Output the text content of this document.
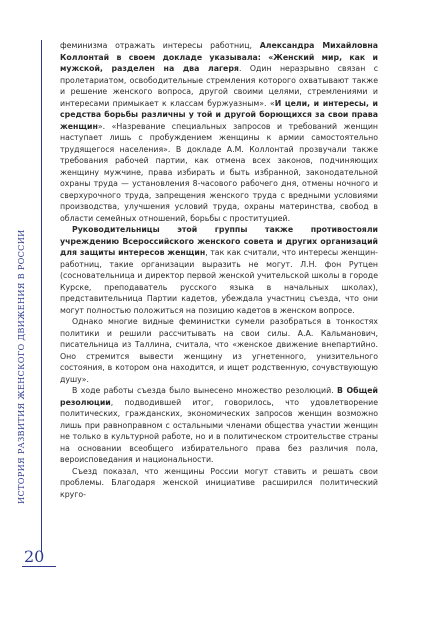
ИСТОРИЯ РАЗВИТИЯ ЖЕНСКОГО ДВИЖЕНИЯ В РОССИИ
20

феминизма отражать интересы работниц, Александра Михайловна Коллонтай в своем докладе указывала: «Женский мир, как и мужской, разделен на два лагеря. Один неразрывно связан с пролетариатом, освободительные стремления которого охватывают также и решение женского вопроса, другой своими целями, стремлениями и интересами примыкает к классам буржуазным». «И цели, и интересы, и средства борьбы различны у той и другой борющихся за свои права женщин». «Назревание специальных запросов и требований женщин наступает лишь с пробуждением женщины к армии самостоятельно трудящегося населения». В докладе А.М. Коллонтай прозвучали также требования рабочей партии, как отмена всех законов, подчиняющих женщину мужчине, права избирать и быть избранной, законодательной охраны труда — установления 8-часового рабочего дня, отмены ночного и сверхурочного труда, запрещения женского труда с вредными условиями производства, улучшения условий труда, охраны материнства, свобод в области семейных отношений, борьбы с проституцией.

Руководительницы этой группы также противостояли учреждению Всероссийского женского совета и других организаций для защиты интересов женщин, так как считали, что интересы женщин-работниц, такие организации выразить не могут. Л.Н. фон Рутцен (сосновательница и директор первой женской учительской школы в городе Курске, преподаватель русского языка в начальных школах), представительница Партии кадетов, убеждала участниц съезда, что они могут полностью положиться на позицию кадетов в женском вопросе.

Однако многие видные феминистки сумели разобраться в тонкостях политики и решили рассчитывать на свои силы. А.А. Кальманович, писательница из Таллина, считала, что «женское движение внепартийно. Оно стремится вывести женщину из угнетенного, унизительного состояния, в котором она находится, и ищет родственную, сочувствующую душу».

В ходе работы съезда было вынесено множество резолюций. В Общей резолюции, подводившей итог, говорилось, что удовлетворение политических, гражданских, экономических запросов женщин возможно лишь при равноправном с остальными членами общества участии женщин не только в культурной работе, но и в политическом строительстве страны на основании всеобщего избирательного права без различия пола, вероисповедания и национальности.

Съезд показал, что женщины России могут ставить и решать свои проблемы. Благодаря женской инициативе расширился политический круго-
